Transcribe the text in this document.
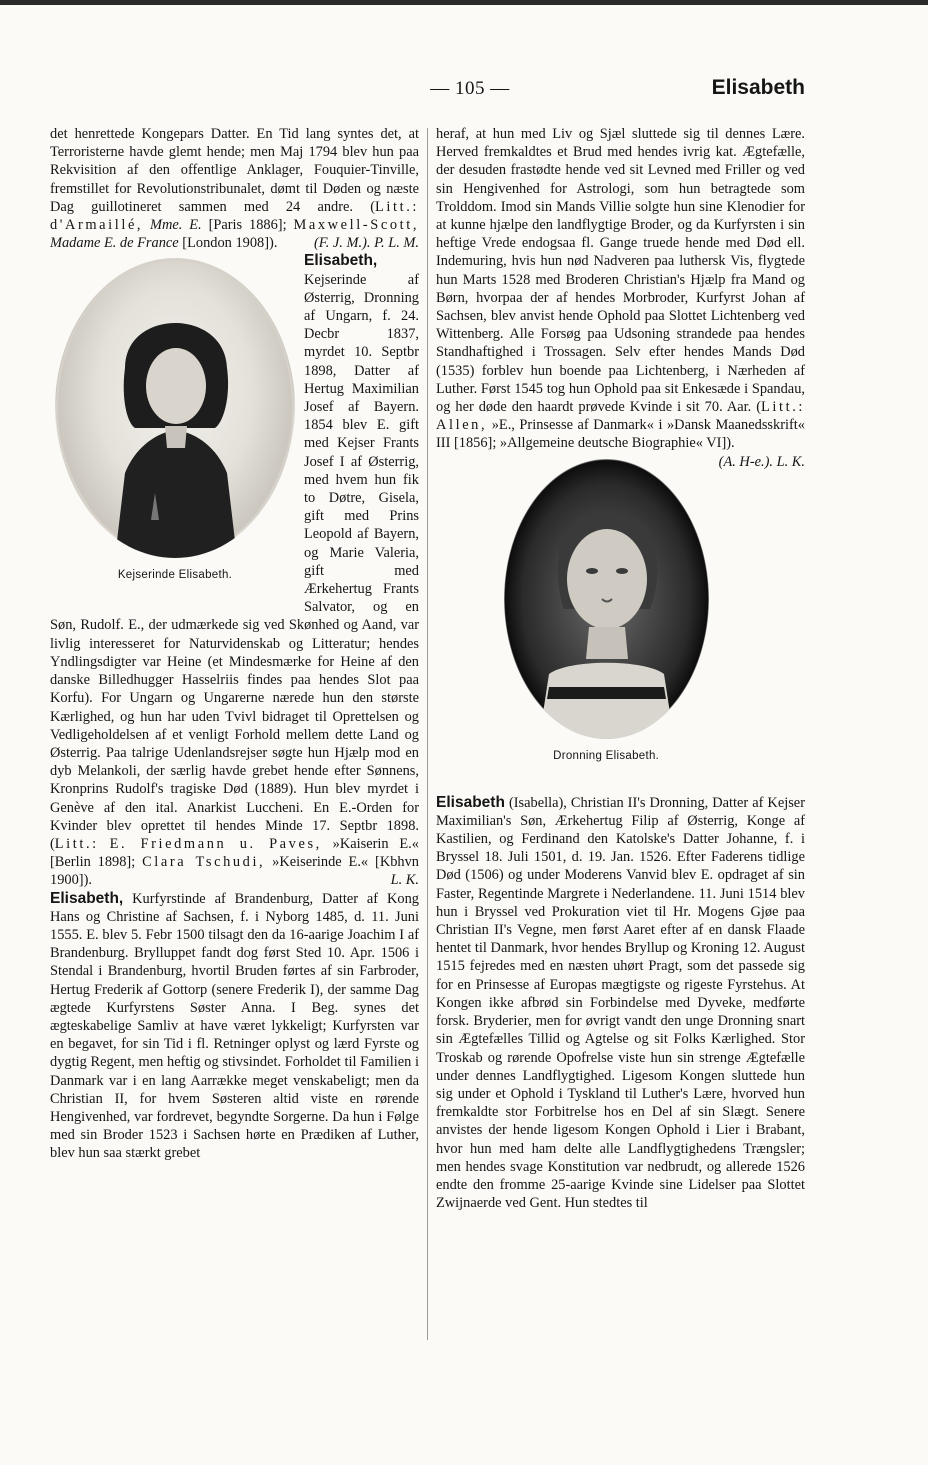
— 105 —	Elisabeth

det henrettede Kongepars Datter. En Tid lang syntes det, at Terroristerne havde glemt hende; men Maj 1794 blev hun paa Rekvisition af den offentlige Anklager, Fouquier-Tinville, fremstillet for Revolutionstribunalet, dømt til Døden og næste Dag guillotineret sammen med 24 andre. (Litt.: d'Armaillé, Mme. E. [Paris 1886]; Maxwell-Scott, Madame E. de France [London 1908]).	(F. J. M.). P. L. M.

Elisabeth,
Kejserinde Elisabeth.
Kejserinde af Østerrig, Dronning af Ungarn, f. 24. Decbr 1837, myrdet 10. Septbr 1898, Datter af Hertug Maximilian Josef af Bayern. 1854 blev E. gift med Kejser Frants Josef I af Østerrig, med hvem hun fik to Døtre, Gisela, gift med Prins Leopold af Bayern, og Marie Valeria, gift med Ærkehertug Frants Salvator, og en Søn, Rudolf. E., der udmærkede sig ved Skønhed og Aand, var livlig interesseret for Naturvidenskab og Litteratur; hendes Yndlingsdigter var Heine (et Mindesmærke for Heine af den danske Billedhugger Hasselriis findes paa hendes Slot paa Korfu). For Ungarn og Ungarerne nærede hun den største Kærlighed, og hun har uden Tvivl bidraget til Oprettelsen og Vedligeholdelsen af et venligt Forhold mellem dette Land og Østerrig. Paa talrige Udenlandsrejser søgte hun Hjælp mod en dyb Melankoli, der særlig havde grebet hende efter Sønnens, Kronprins Rudolf's tragiske Død (1889). Hun blev myrdet i Genève af den ital. Anarkist Luccheni. En E.-Orden for Kvinder blev oprettet til hendes Minde 17. Septbr 1898. (Litt.: E. Friedmann u. Paves, »Kaiserin E.« [Berlin 1898]; Clara Tschudi, »Keiserinde E.« [Kbhvn 1900]).	L. K.

Elisabeth, Kurfyrstinde af Brandenburg, Datter af Kong Hans og Christine af Sachsen, f. i Nyborg 1485, d. 11. Juni 1555. E. blev 5. Febr 1500 tilsagt den da 16-aarige Joachim I af Brandenburg. Brylluppet fandt dog først Sted 10. Apr. 1506 i Stendal i Brandenburg, hvortil Bruden førtes af sin Farbroder, Hertug Frederik af Gottorp (senere Frederik I), der samme Dag ægtede Kurfyrstens Søster Anna. I Beg. synes det ægteskabelige Samliv at have været lykkeligt; Kurfyrsten var en begavet, for sin Tid i fl. Retninger oplyst og lærd Fyrste og dygtig Regent, men heftig og stivsindet. Forholdet til Familien i Danmark var i en lang Aarrække meget venskabeligt; men da Christian II, for hvem Søsteren altid viste en rørende Hengivenhed, var fordrevet, begyndte Sorgerne. Da hun i Følge med sin Broder 1523 i Sachsen hørte en Prædiken af Luther, blev hun saa stærkt grebet

heraf, at hun med Liv og Sjæl sluttede sig til dennes Lære. Herved fremkaldtes et Brud med hendes ivrig kat. Ægtefælle, der desuden frastødte hende ved sit Levned med Friller og ved sin Hengivenhed for Astrologi, som hun betragtede som Trolddom. Imod sin Mands Villie solgte hun sine Klenodier for at kunne hjælpe den landflygtige Broder, og da Kurfyrsten i sin heftige Vrede endogsaa fl. Gange truede hende med Død ell. Indemuring, hvis hun nød Nadveren paa luthersk Vis, flygtede hun Marts 1528 med Broderen Christian's Hjælp fra Mand og Børn, hvorpaa der af hendes Morbroder, Kurfyrst Johan af Sachsen, blev anvist hende Ophold paa Slottet Lichtenberg ved Wittenberg. Alle Forsøg paa Udsoning strandede paa hendes Standhaftighed i Trossagen. Selv efter hendes Mands Død (1535) forblev hun boende paa Lichtenberg, i Nærheden af Luther. Først 1545 tog hun Ophold paa sit Enkesæde i Spandau, og her døde den haardt prøvede Kvinde i sit 70. Aar. (Litt.: Allen, »E., Prinsesse af Danmark« i »Dansk Maanedsskrift« III [1856]; »Allgemeine deutsche Biographie« VI]).
(A. H-e.). L. K.

Dronning Elisabeth.
Elisabeth (Isabella), Christian II's Dronning, Datter af Kejser Maximilian's Søn, Ærkehertug Filip af Østerrig, Konge af Kastilien, og Ferdinand den Katolske's Datter Johanne, f. i Bryssel 18. Juli 1501, d. 19. Jan. 1526. Efter Faderens tidlige Død (1506) og under Moderens Vanvid blev E. opdraget af sin Faster, Regentinde Margrete i Nederlandene. 11. Juni 1514 blev hun i Bryssel ved Prokuration viet til Hr. Mogens Gjøe paa Christian II's Vegne, men først Aaret efter af en dansk Flaade hentet til Danmark, hvor hendes Bryllup og Kroning 12. August 1515 fejredes med en næsten uhørt Pragt, som det passede sig for en Prinsesse af Europas mægtigste og rigeste Fyrstehus. At Kongen ikke afbrød sin Forbindelse med Dyveke, medførte forsk. Bryderier, men for øvrigt vandt den unge Dronning snart sin Ægtefælles Tillid og Agtelse og sit Folks Kærlighed. Stor Troskab og rørende Opofrelse viste hun sin strenge Ægtefælle under dennes Landflygtighed. Ligesom Kongen sluttede hun sig under et Ophold i Tyskland til Luther's Lære, hvorved hun fremkaldte stor Forbitrelse hos en Del af sin Slægt. Senere anvistes der hende ligesom Kongen Ophold i Lier i Brabant, hvor hun med ham delte alle Landflygtighedens Trængsler; men hendes svage Konstitution var nedbrudt, og allerede 1526 endte den fromme 25-aarige Kvinde sine Lidelser paa Slottet Zwijnaerde ved Gent. Hun stedtes til
